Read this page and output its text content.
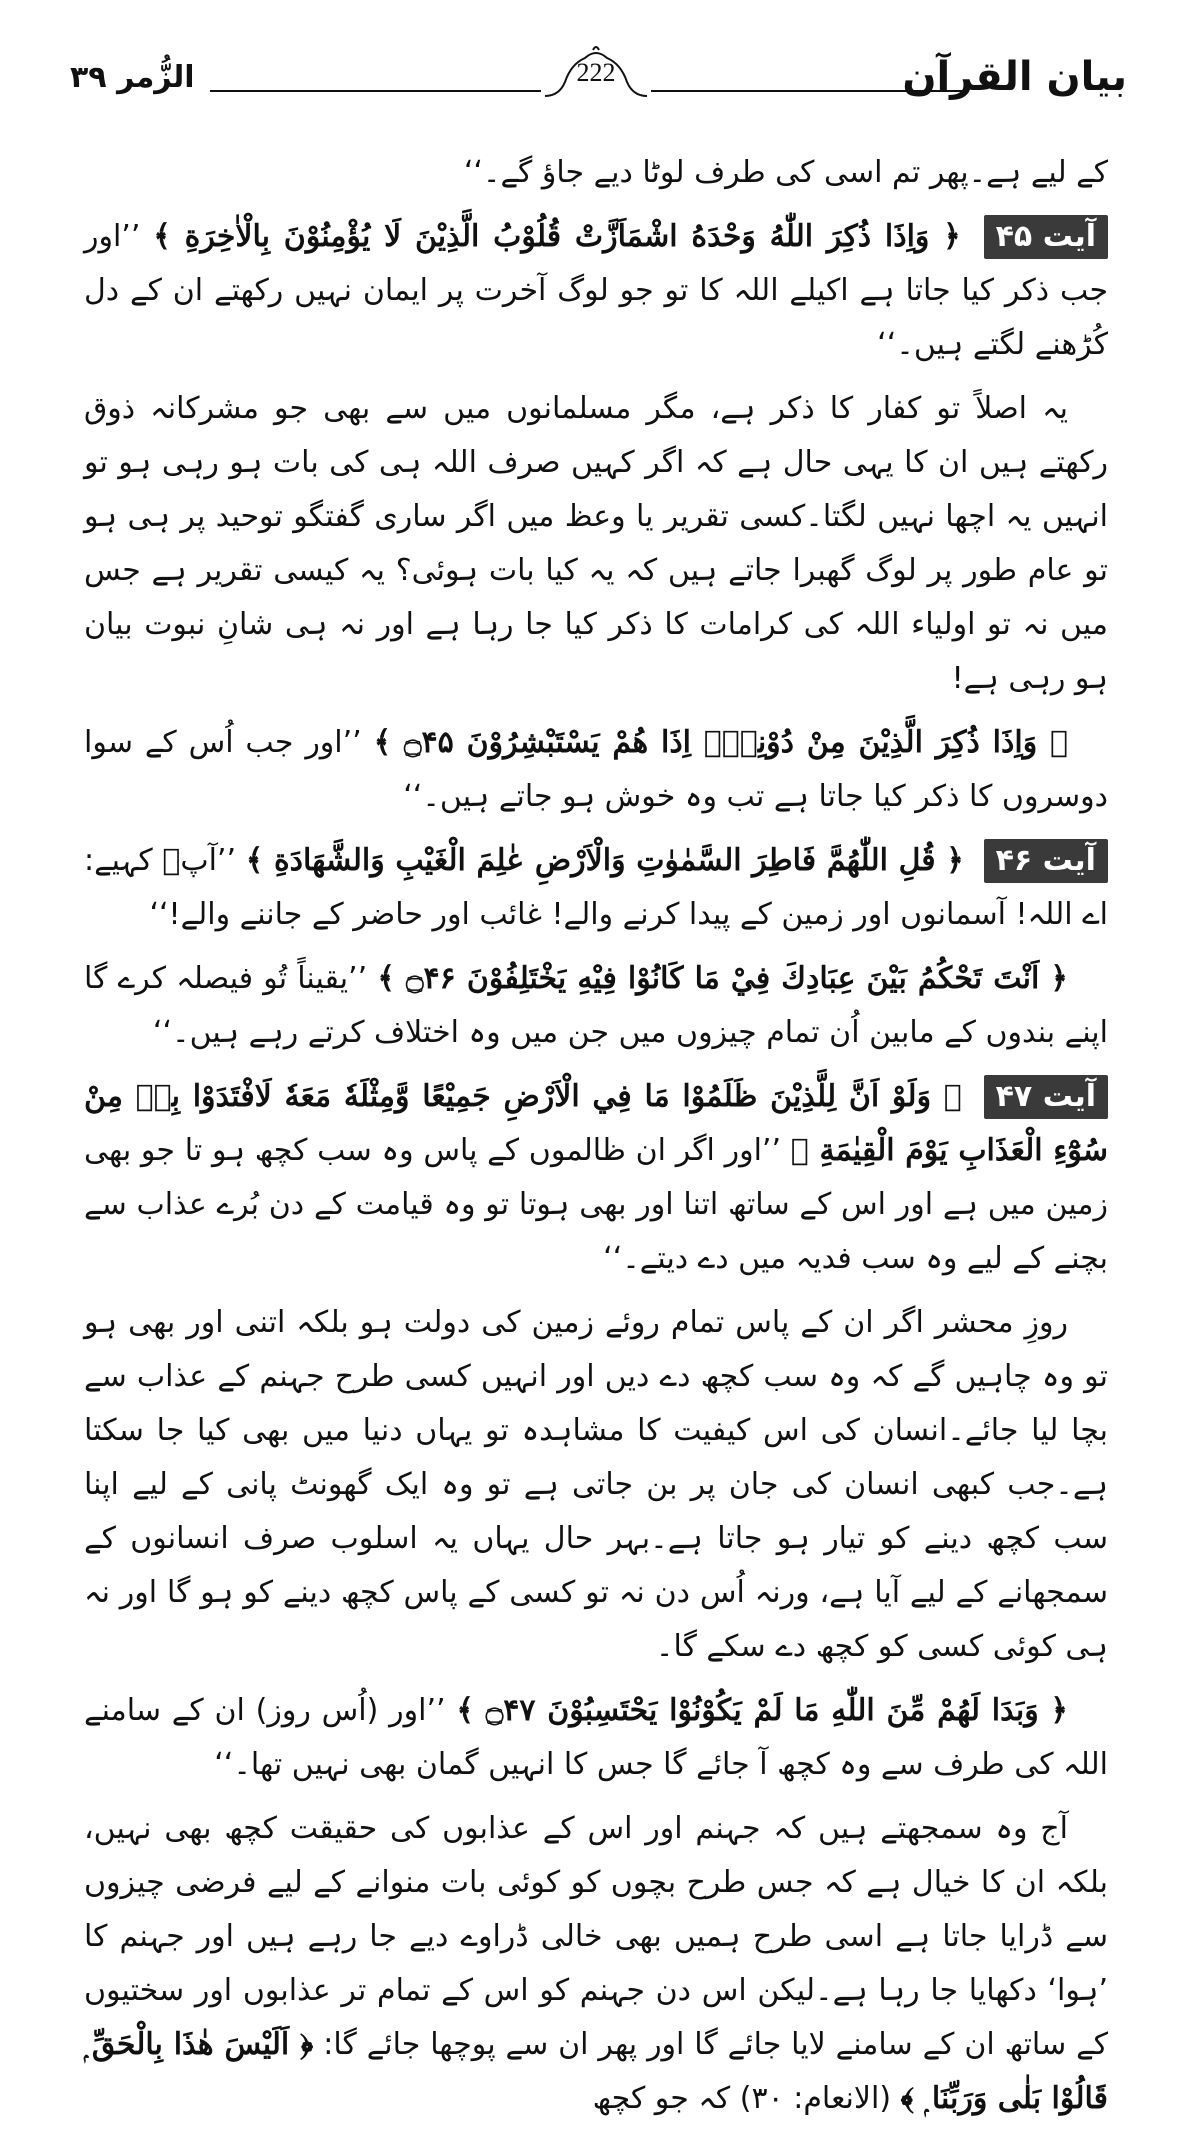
الزُّمر ۳۹	بیان القرآن
222

کے لیے ہے۔پھر تم اسی کی طرف لوٹا دیے جاؤ گے۔‘‘

آیت ۴۵ ﴿ وَاِذَا ذُكِرَ اللّٰهُ وَحْدَهُ اشْمَاَزَّتْ قُلُوْبُ الَّذِيْنَ لَا يُؤْمِنُوْنَ بِالْاٰخِرَةِ ﴾ ’’اور جب ذکر کیا جاتا ہے اکیلے اللہ کا تو جو لوگ آخرت پر ایمان نہیں رکھتے ان کے دل کُڑھنے لگتے ہیں۔‘‘

یہ اصلاً تو کفار کا ذکر ہے، مگر مسلمانوں میں سے بھی جو مشرکانہ ذوق رکھتے ہیں ان کا یہی حال ہے کہ اگر کہیں صرف اللہ ہی کی بات ہو رہی ہو تو انہیں یہ اچھا نہیں لگتا۔کسی تقریر یا وعظ میں اگر ساری گفتگو توحید پر ہی ہو تو عام طور پر لوگ گھبرا جاتے ہیں کہ یہ کیا بات ہوئی؟ یہ کیسی تقریر ہے جس میں نہ تو اولیاء اللہ کی کرامات کا ذکر کیا جا رہا ہے اور نہ ہی شانِ نبوت بیان ہو رہی ہے!

﴿ وَاِذَا ذُكِرَ الَّذِيْنَ مِنْ دُوْنِهٖٓ اِذَا هُمْ يَسْتَبْشِرُوْنَ ۝۴۵ ﴾ ’’اور جب اُس کے سوا دوسروں کا ذکر کیا جاتا ہے تب وہ خوش ہو جاتے ہیں۔‘‘

آیت ۴۶ ﴿ قُلِ اللّٰهُمَّ فَاطِرَ السَّمٰوٰتِ وَالْاَرْضِ عٰلِمَ الْغَيْبِ وَالشَّهَادَةِ ﴾ ’’آپؐ کہیے: اے اللہ! آسمانوں اور زمین کے پیدا کرنے والے! غائب اور حاضر کے جاننے والے!‘‘

﴿ اَنْتَ تَحْكُمُ بَيْنَ عِبَادِكَ فِيْ مَا كَانُوْا فِيْهِ يَخْتَلِفُوْنَ ۝۴۶ ﴾ ’’یقیناً تُو فیصلہ کرے گا اپنے بندوں کے مابین اُن تمام چیزوں میں جن میں وہ اختلاف کرتے رہے ہیں۔‘‘

آیت ۴۷ ﴿ وَلَوْ اَنَّ لِلَّذِيْنَ ظَلَمُوْا مَا فِي الْاَرْضِ جَمِيْعًا وَّمِثْلَهٗ مَعَهٗ لَافْتَدَوْا بِهٖ مِنْ سُوْٓءِ الْعَذَابِ يَوْمَ الْقِيٰمَةِ ﴾ ’’اور اگر ان ظالموں کے پاس وہ سب کچھ ہو تا جو بھی زمین میں ہے اور اس کے ساتھ اتنا اور بھی ہوتا تو وہ قیامت کے دن بُرے عذاب سے بچنے کے لیے وہ سب فدیہ میں دے دیتے۔‘‘

روزِ محشر اگر ان کے پاس تمام روئے زمین کی دولت ہو بلکہ اتنی اور بھی ہو تو وہ چاہیں گے کہ وہ سب کچھ دے دیں اور انہیں کسی طرح جہنم کے عذاب سے بچا لیا جائے۔انسان کی اس کیفیت کا مشاہدہ تو یہاں دنیا میں بھی کیا جا سکتا ہے۔جب کبھی انسان کی جان پر بن جاتی ہے تو وہ ایک گھونٹ پانی کے لیے اپنا سب کچھ دینے کو تیار ہو جاتا ہے۔بہر حال یہاں یہ اسلوب صرف انسانوں کے سمجھانے کے لیے آیا ہے، ورنہ اُس دن نہ تو کسی کے پاس کچھ دینے کو ہو گا اور نہ ہی کوئی کسی کو کچھ دے سکے گا۔

﴿ وَبَدَا لَهُمْ مِّنَ اللّٰهِ مَا لَمْ يَكُوْنُوْا يَحْتَسِبُوْنَ ۝۴۷ ﴾ ’’اور (اُس روز) ان کے سامنے اللہ کی طرف سے وہ کچھ آ جائے گا جس کا انہیں گمان بھی نہیں تھا۔‘‘

آج وہ سمجھتے ہیں کہ جہنم اور اس کے عذابوں کی حقیقت کچھ بھی نہیں، بلکہ ان کا خیال ہے کہ جس طرح بچوں کو کوئی بات منوانے کے لیے فرضی چیزوں سے ڈرایا جاتا ہے اسی طرح ہمیں بھی خالی ڈراوے دیے جا رہے ہیں اور جہنم کا ’ہوا‘ دکھایا جا رہا ہے۔لیکن اس دن جہنم کو اس کے تمام تر عذابوں اور سختیوں کے ساتھ ان کے سامنے لایا جائے گا اور پھر ان سے پوچھا جائے گا: ﴿ اَلَيْسَ هٰذَا بِالْحَقِّ ۭ قَالُوْا بَلٰى وَرَبِّنَا ۭ ﴾ (الانعام: ۳۰) کہ جو کچھ
